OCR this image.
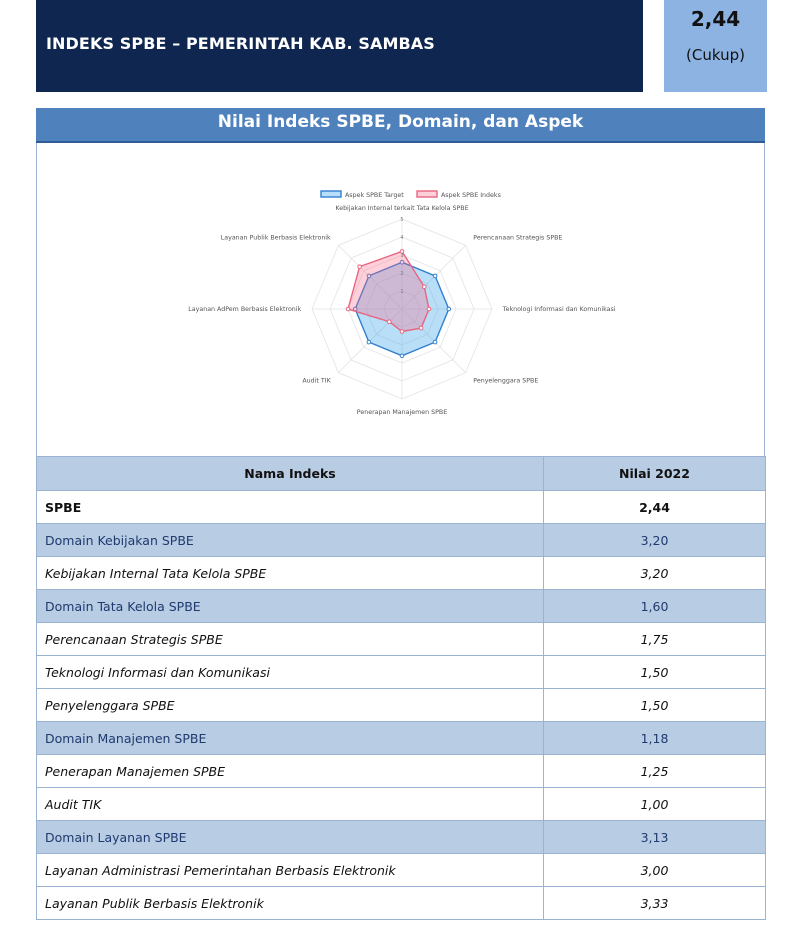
INDEKS SPBE – PEMERINTAH KAB. SAMBAS
2,44
(Cukup)
Nilai Indeks SPBE, Domain, dan Aspek
1
2
3
4
5
Kebijakan Internal terkait Tata Kelola SPBE
Perencanaan Strategis SPBE
Teknologi Informasi dan Komunikasi
Penyelenggara SPBE
Penerapan Manajemen SPBE
Audit TIK
Layanan AdPem Berbasis Elektronik
Layanan Publik Berbasis Elektronik
Aspek SPBE Target	Aspek SPBE Indeks
Nama Indeks	Nilai 2022
SPBE	2,44
Domain Kebijakan SPBE	3,20
Kebijakan Internal Tata Kelola SPBE	3,20
Domain Tata Kelola SPBE	1,60
Perencanaan Strategis SPBE	1,75
Teknologi Informasi dan Komunikasi	1,50
Penyelenggara SPBE	1,50
Domain Manajemen SPBE	1,18
Penerapan Manajemen SPBE	1,25
Audit TIK	1,00
Domain Layanan SPBE	3,13
Layanan Administrasi Pemerintahan Berbasis Elektronik	3,00
Layanan Publik Berbasis Elektronik	3,33
